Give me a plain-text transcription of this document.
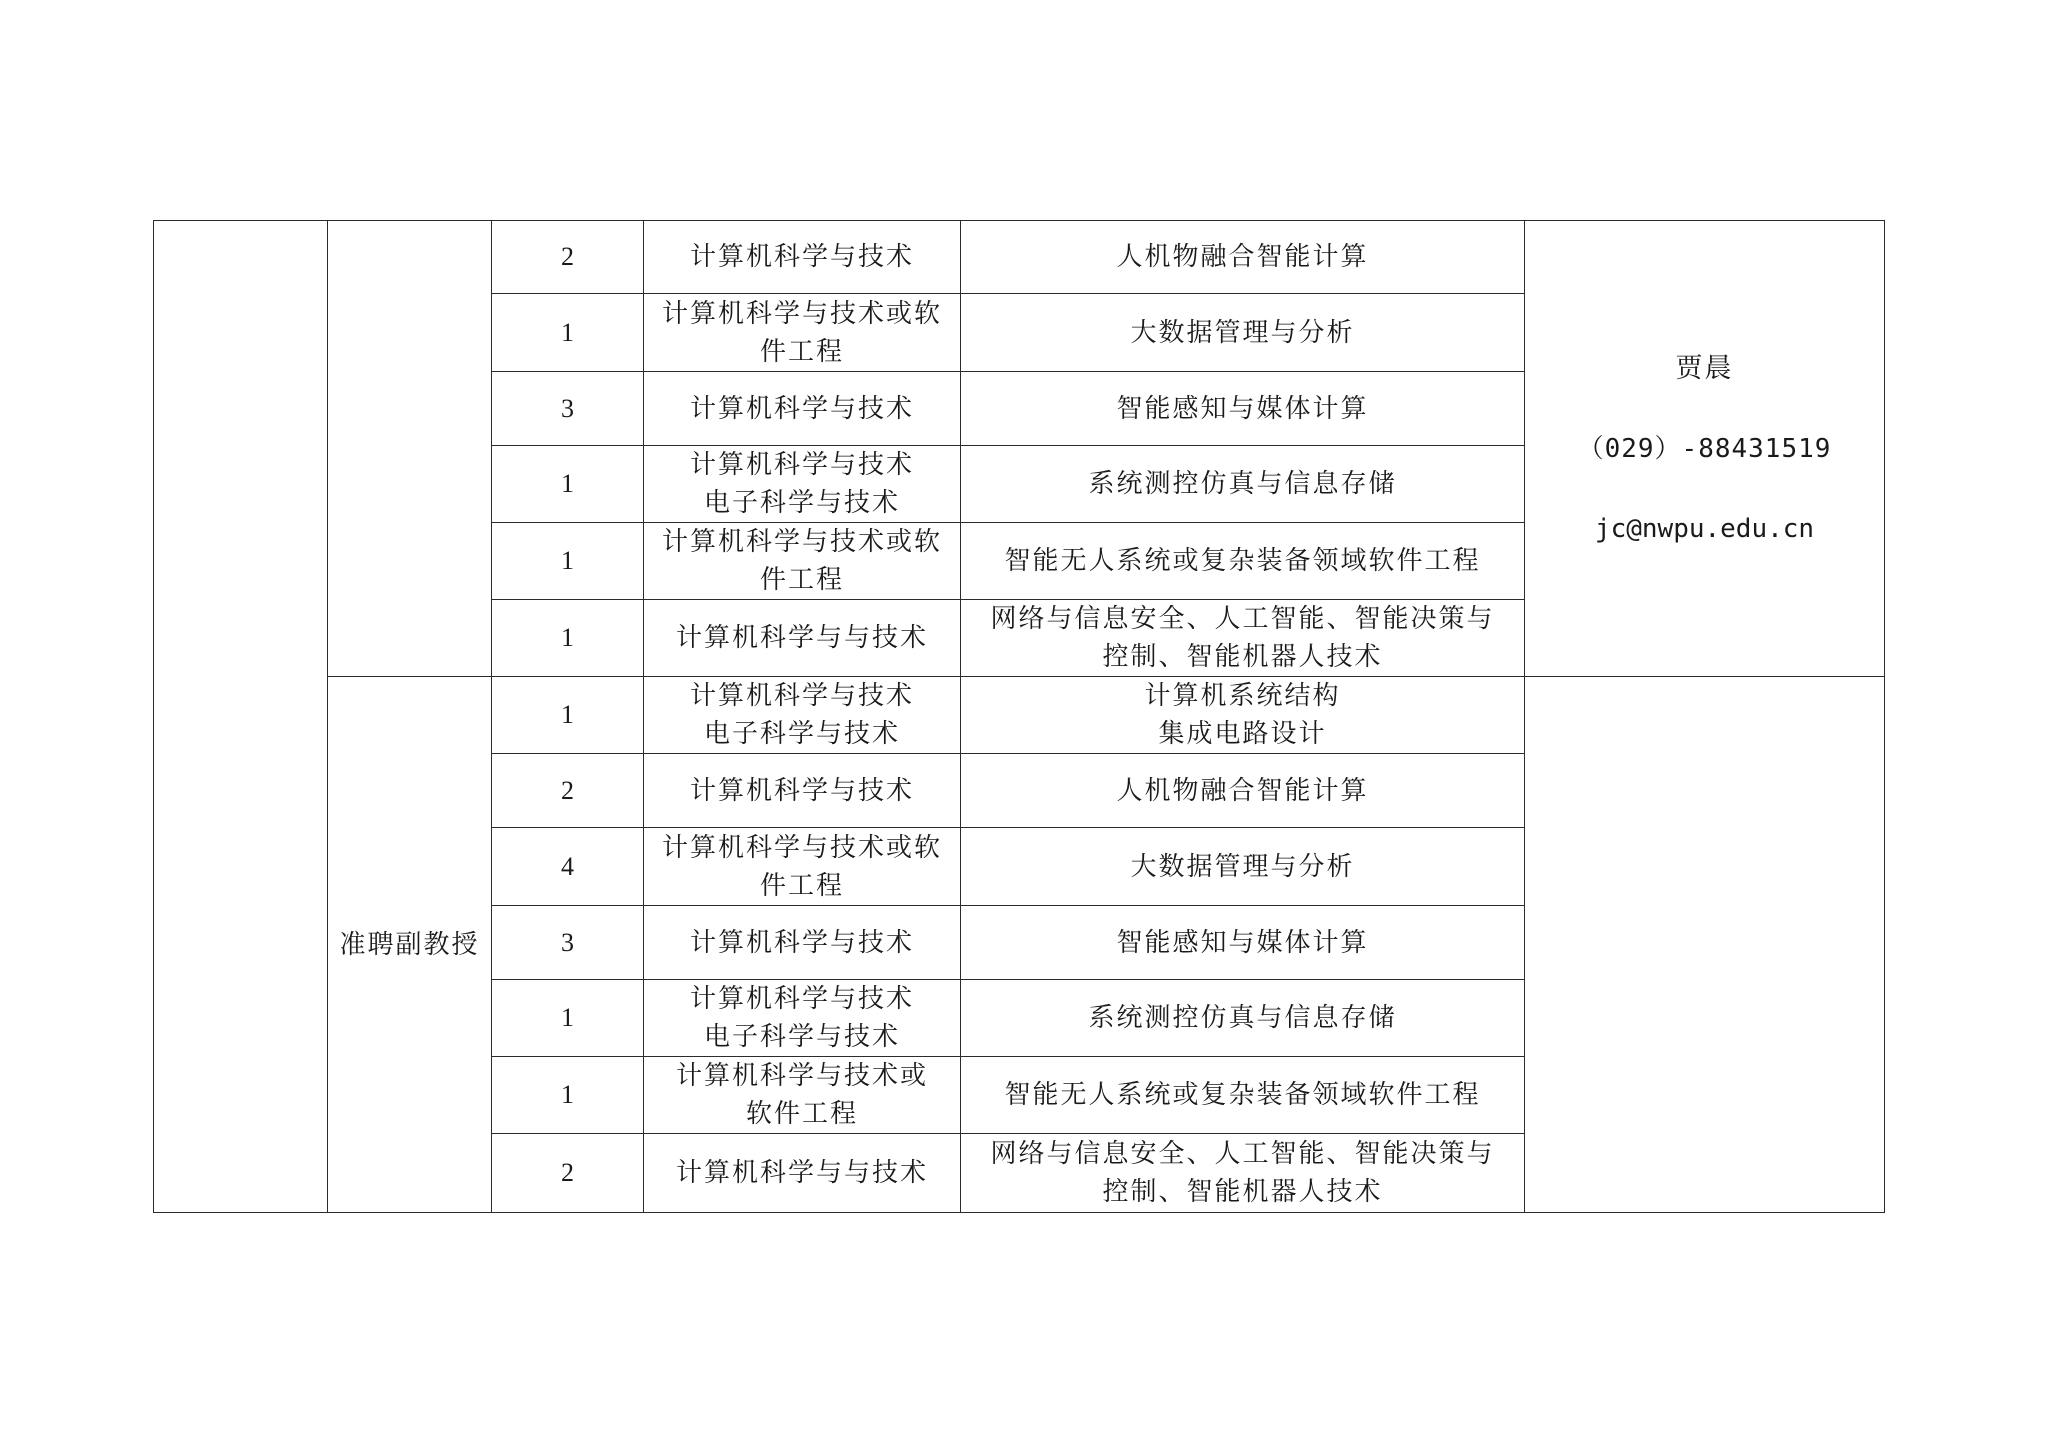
		2	计算机科学与技术	人机物融合智能计算	贾晨

（029）-88431519

jc@nwpu.edu.cn

		1	计算机科学与技术或软
件工程	大数据管理与分析	
		3	计算机科学与技术	智能感知与媒体计算	
		1	计算机科学与技术
电子科学与技术	系统测控仿真与信息存储	
		1	计算机科学与技术或软
件工程	智能无人系统或复杂装备领域软件工程	
		1	计算机科学与与技术	网络与信息安全、人工智能、智能决策与
控制、智能机器人技术	
	准聘副教授	1	计算机科学与技术
电子科学与技术	计算机系统结构
集成电路设计	
		2	计算机科学与技术	人机物融合智能计算	
		4	计算机科学与技术或软
件工程	大数据管理与分析	
		3	计算机科学与技术	智能感知与媒体计算	
		1	计算机科学与技术
电子科学与技术	系统测控仿真与信息存储	
		1	计算机科学与技术或
软件工程	智能无人系统或复杂装备领域软件工程	
		2	计算机科学与与技术	网络与信息安全、人工智能、智能决策与
控制、智能机器人技术	
